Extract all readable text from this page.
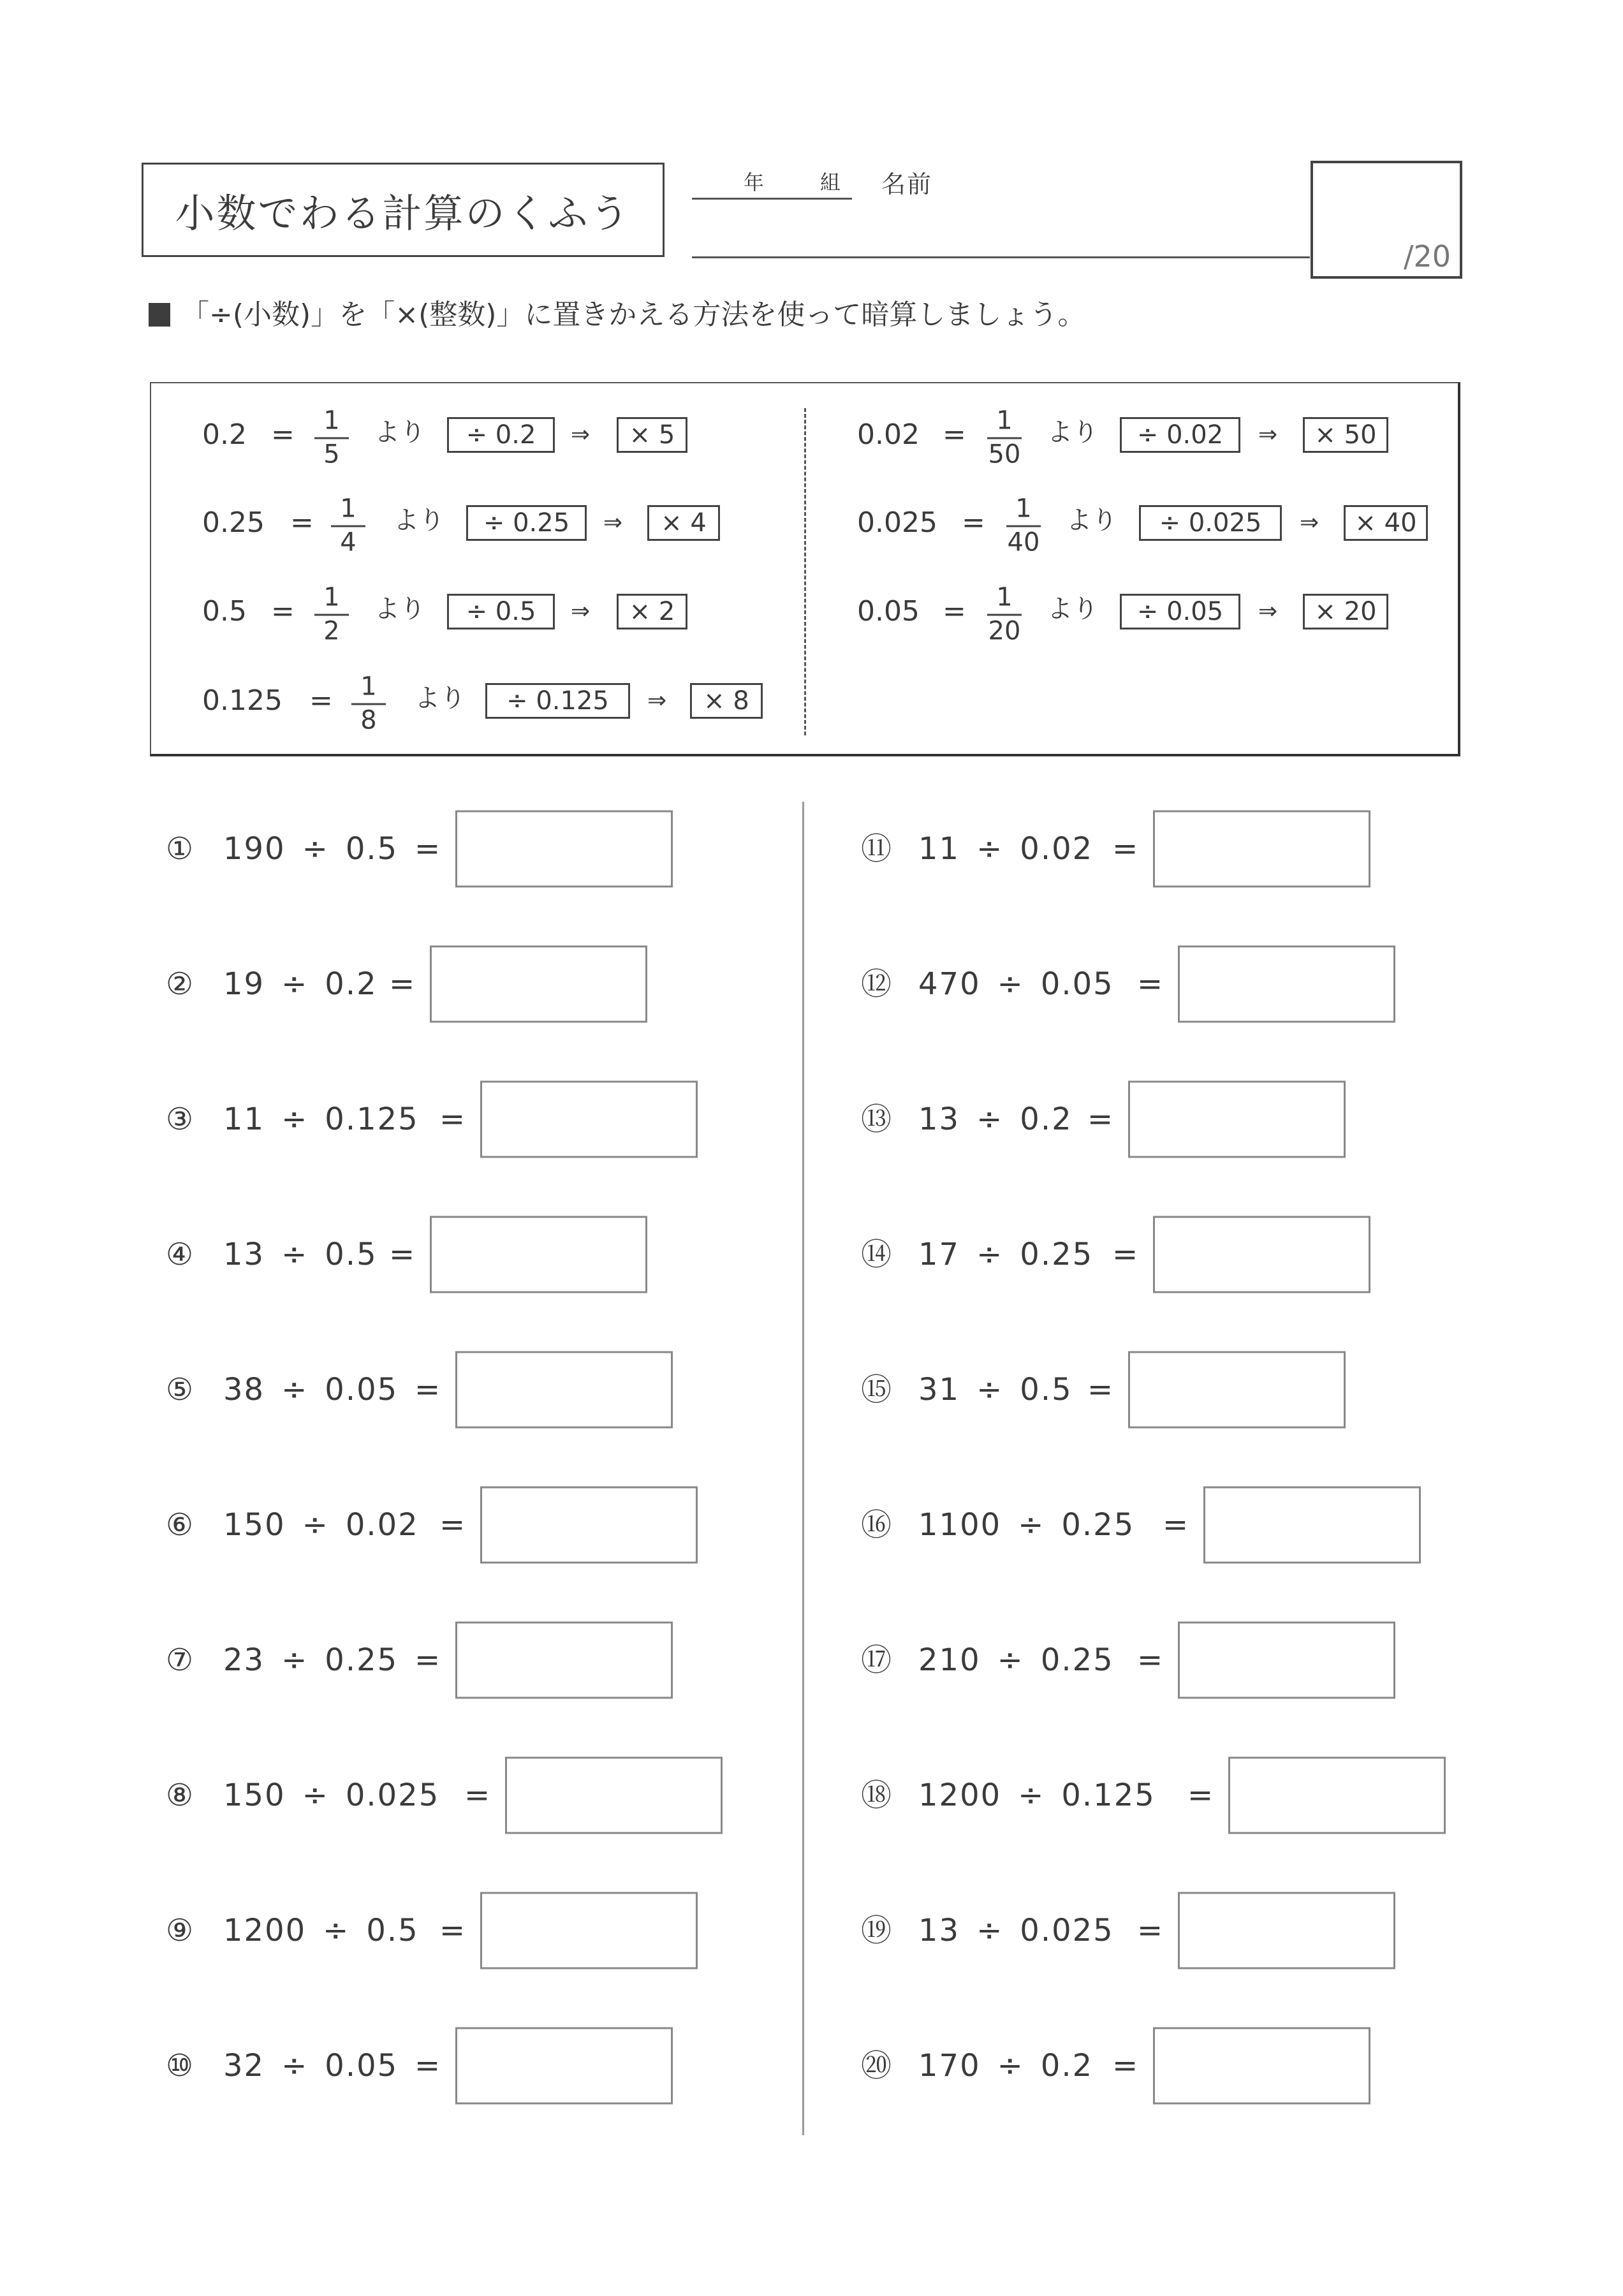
小数でわる計算のくふう
年	組 名前
/20
「÷(小数)」を「×(整数)」に置きかえる方法を使って暗算しましょう。
0.2 = 1
5
より ÷ 0.2 ⇒ × 5
0.25 = 1
4
より ÷ 0.25 ⇒ × 4
0.5 = 1
2
より ÷ 0.5 ⇒ × 2
0.125 = 1
8
より ÷ 0.125 ⇒ × 8
0.02 = 1
50
より ÷ 0.02 ⇒ × 50
0.025 = 1
40
より ÷ 0.025 ⇒ × 40
0.05 = 1
20
より ÷ 0.05 ⇒ × 20
① 190 ÷ 0.5 =
② 19 ÷ 0.2 =
③ 11 ÷ 0.125 =
④ 13 ÷ 0.5 =
⑤ 38 ÷ 0.05 =
⑥ 150 ÷ 0.02 =
⑦ 23 ÷ 0.25 =
⑧ 150 ÷ 0.025 =
⑨ 1200 ÷ 0.5 =
⑩ 32 ÷ 0.05 =
⑪ 11 ÷ 0.02 =
⑫ 470 ÷ 0.05 =
⑬ 13 ÷ 0.2 =
⑭ 17 ÷ 0.25 =
⑮ 31 ÷ 0.5 =
⑯ 1100 ÷ 0.25 =
⑰ 210 ÷ 0.25 =
⑱ 1200 ÷ 0.125 =
⑲ 13 ÷ 0.025 =
⑳ 170 ÷ 0.2 =
